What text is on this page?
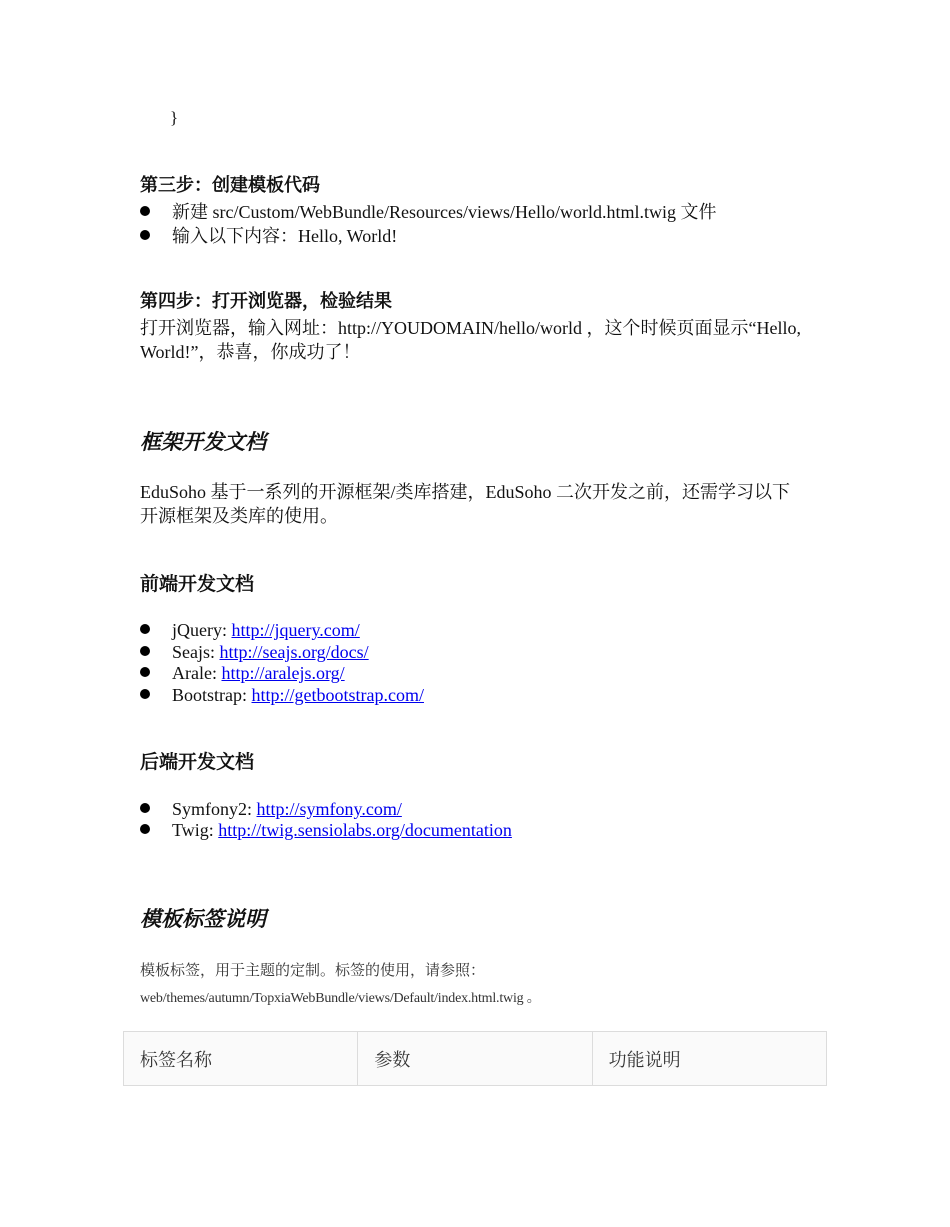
}
第三步：创建模板代码
新建 src/Custom/WebBundle/Resources/views/Hello/world.html.twig 文件
输入以下内容：Hello, World!
第四步：打开浏览器，检验结果
打开浏览器，输入网址：http://YOUDOMAIN/hello/world ，这个时候页面显示“Hello,
World!”，恭喜，你成功了！
框架开发文档
EduSoho 基于一系列的开源框架/类库搭建，EduSoho 二次开发之前，还需学习以下
开源框架及类库的使用。
前端开发文档
jQuery: http://jquery.com/
Seajs: http://seajs.org/docs/
Arale: http://aralejs.org/
Bootstrap: http://getbootstrap.com/
后端开发文档
Symfony2: http://symfony.com/
Twig: http://twig.sensiolabs.org/documentation
模板标签说明
模板标签，用于主题的定制。标签的使用，请参照：
web/themes/autumn/TopxiaWebBundle/views/Default/index.html.twig 。
标签名称	参数	功能说明
